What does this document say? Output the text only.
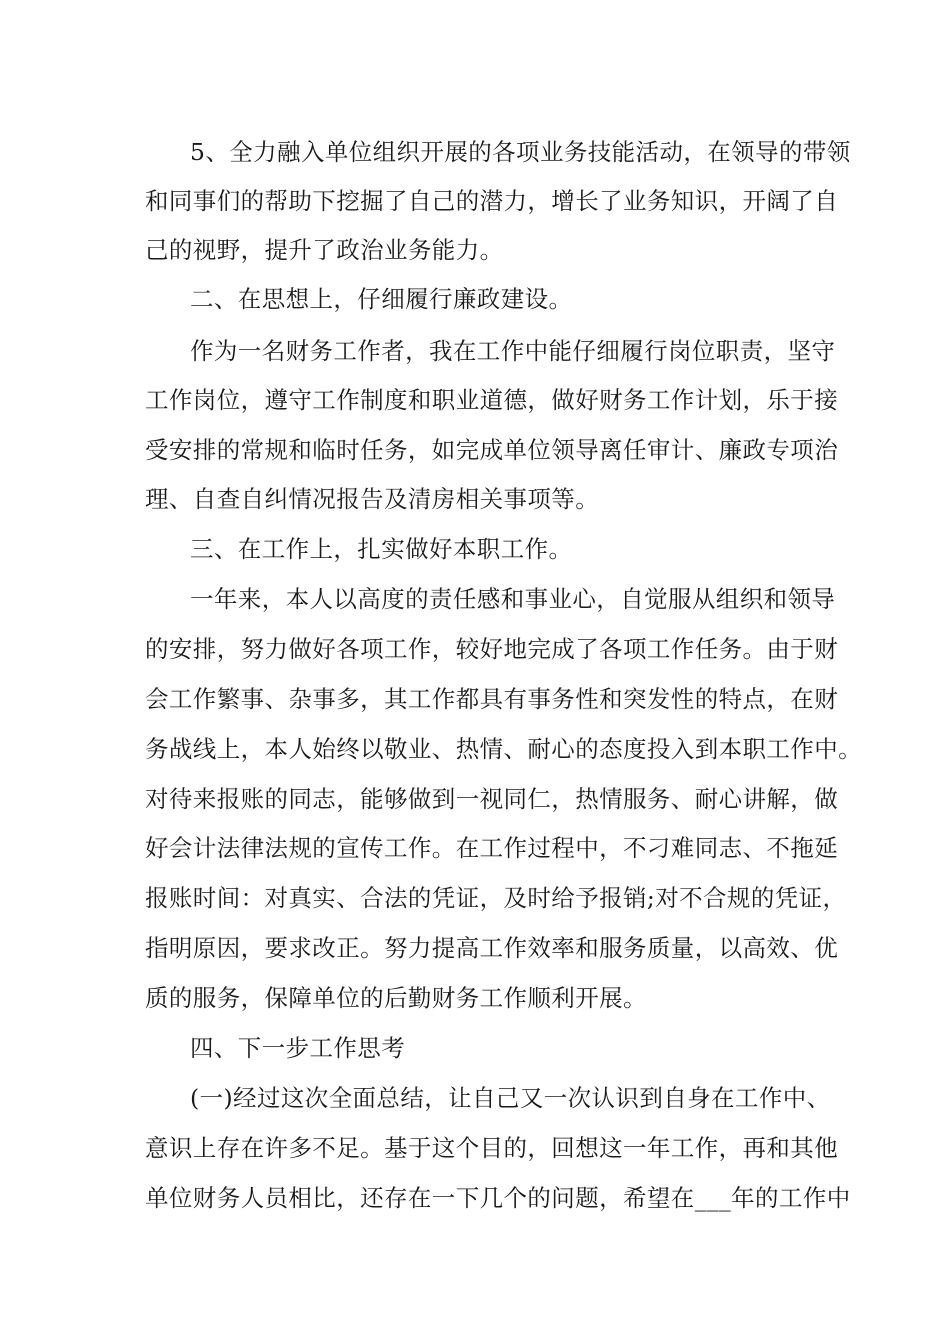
5、全力融入单位组织开展的各项业务技能活动，在领导的带领
和同事们的帮助下挖掘了自己的潜力，增长了业务知识，开阔了自
己的视野，提升了政治业务能力。
二、在思想上，仔细履行廉政建设。
作为一名财务工作者，我在工作中能仔细履行岗位职责，坚守
工作岗位，遵守工作制度和职业道德，做好财务工作计划，乐于接
受安排的常规和临时任务，如完成单位领导离任审计、廉政专项治
理、自查自纠情况报告及清房相关事项等。
三、在工作上，扎实做好本职工作。
一年来，本人以高度的责任感和事业心，自觉服从组织和领导
的安排，努力做好各项工作，较好地完成了各项工作任务。由于财
会工作繁事、杂事多，其工作都具有事务性和突发性的特点，在财
务战线上，本人始终以敬业、热情、耐心的态度投入到本职工作中。
对待来报账的同志，能够做到一视同仁，热情服务、耐心讲解，做
好会计法律法规的宣传工作。在工作过程中，不刁难同志、不拖延
报账时间：对真实、合法的凭证，及时给予报销;对不合规的凭证，
指明原因，要求改正。努力提高工作效率和服务质量，以高效、优
质的服务，保障单位的后勤财务工作顺利开展。
四、下一步工作思考
(一)经过这次全面总结，让自己又一次认识到自身在工作中、
意识上存在许多不足。基于这个目的，回想这一年工作，再和其他
单位财务人员相比，还存在一下几个的问题，希望在___年的工作中
